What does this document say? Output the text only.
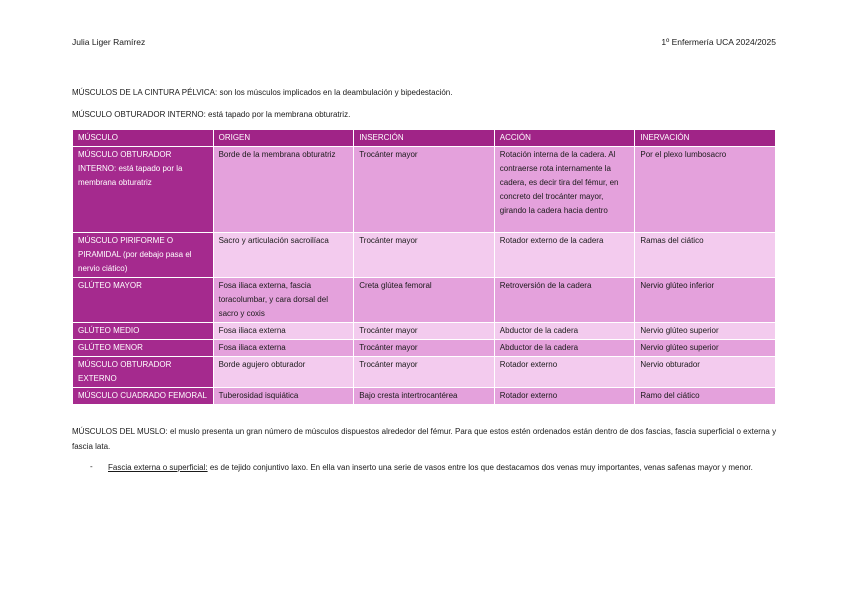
Julia Liger Ramírez	1º Enfermería UCA 2024/2025
MÚSCULOS DE LA CINTURA PÉLVICA: son los músculos implicados en la deambulación y bipedestación.
MÚSCULO OBTURADOR INTERNO: está tapado por la membrana obturatriz.
MÚSCULO	ORIGEN	INSERCIÓN	ACCIÓN	INERVACIÓN
MÚSCULO OBTURADOR INTERNO: está tapado por la membrana obturatriz	Borde de la membrana obturatriz	Trocánter mayor	Rotación interna de la cadera. Al contraerse rota internamente la cadera, es decir tira del fémur, en concreto del trocánter mayor, girando la cadera hacia dentro	Por el plexo lumbosacro
MÚSCULO PIRIFORME O PIRAMIDAL (por debajo pasa el nervio ciático)	Sacro y articulación sacroilíaca	Trocánter mayor	Rotador externo de la cadera	Ramas del ciático
GLÚTEO MAYOR	Fosa iliaca externa, fascia toracolumbar, y cara dorsal del sacro y coxis	Creta glútea femoral	Retroversión de la cadera	Nervio glúteo inferior
GLÚTEO MEDIO	Fosa iliaca externa	Trocánter mayor	Abductor de la cadera	Nervio glúteo superior
GLÚTEO MENOR	Fosa iliaca externa	Trocánter mayor	Abductor de la cadera	Nervio glúteo superior
MÚSCULO OBTURADOR EXTERNO	Borde agujero obturador	Trocánter mayor	Rotador externo	Nervio obturador
MÚSCULO CUADRADO FEMORAL	Tuberosidad isquiática	Bajo cresta intertrocantérea	Rotador externo	Ramo del ciático
MÚSCULOS DEL MUSLO: el muslo presenta un gran número de músculos dispuestos alrededor del fémur. Para que estos estén ordenados están dentro de dos fascias, fascia superficial o externa y fascia lata.
- Fascia externa o superficial: es de tejido conjuntivo laxo. En ella van inserto una serie de vasos entre los que destacamos dos venas muy importantes, venas safenas mayor y menor.
